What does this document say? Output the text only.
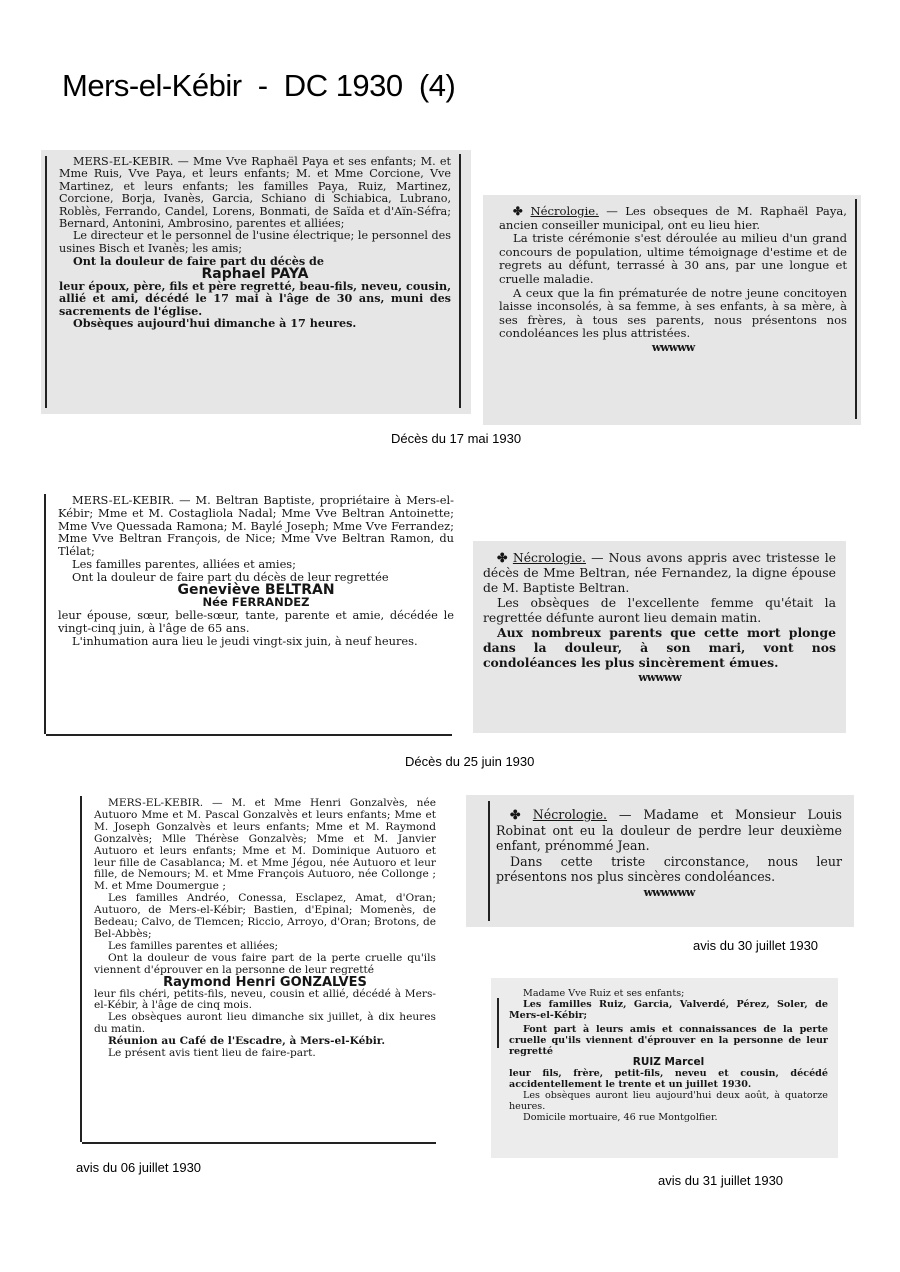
Mers-el-Kébir  -  DC 1930  (4)

MERS-EL-KEBIR. — Mme Vve Raphaël Paya et ses enfants; M. et Mme Ruis, Vve Paya, et leurs enfants; M. et Mme Corcione, Vve Martinez, et leurs enfants; les familles Paya, Ruiz, Martinez, Corcione, Borja, Ivanès, Garcia, Schiano di Schiabica, Lubrano, Roblès, Ferrando, Candel, Lorens, Bonmati, de Saïda et d'Aïn-Séfra; Bernard, Antonini, Ambrosino, parentes et alliées;

Le directeur et le personnel de l'usine électrique; le personnel des usines Bisch et Ivanès; les amis;

Ont la douleur de faire part du décès de

Raphael PAYA

leur époux, père, fils et père regretté, beau-fils, neveu, cousin, allié et ami, décédé le 17 mai à l'âge de 30 ans, muni des sacrements de l'église.

Obsèques aujourd'hui dimanche à 17 heures.

✤ Nécrologie. — Les obseques de M. Raphaël Paya, ancien conseiller municipal, ont eu lieu hier.

La triste cérémonie s'est déroulée au milieu d'un grand concours de population, ultime témoignage d'estime et de regrets au défunt, terrassé à 30 ans, par une longue et cruelle maladie.

A ceux que la fin prématurée de notre jeune concitoyen laisse inconsolés, à sa femme, à ses enfants, à sa mère, à ses frères, à tous ses parents, nous présentons nos condoléances les plus attristées.

wwwww

Décès du 17 mai 1930

MERS-EL-KEBIR. — M. Beltran Baptiste, propriétaire à Mers-el-Kébir; Mme et M. Costagliola Nadal; Mme Vve Beltran Antoinette; Mme Vve Quessada Ramona; M. Baylé Joseph; Mme Vve Ferrandez; Mme Vve Beltran François, de Nice; Mme Vve Beltran Ramon, du Tlélat;

Les familles parentes, alliées et amies;

Ont la douleur de faire part du décès de leur regrettée

Geneviève BELTRAN

Née FERRANDEZ

leur épouse, sœur, belle-sœur, tante, parente et amie, décédée le vingt-cinq juin, à l'âge de 65 ans.

L'inhumation aura lieu le jeudi vingt-six juin, à neuf heures.

✤ Nécrologie. — Nous avons appris avec tristesse le décès de Mme Beltran, née Fernandez, la digne épouse de M. Baptiste Beltran.

Les obsèques de l'excellente femme qu'était la regrettée défunte auront lieu demain matin.

Aux nombreux parents que cette mort plonge dans la douleur, à son mari, vont nos condoléances les plus sincèrement émues.

wwwww

Décès du 25 juin 1930

MERS-EL-KEBIR. — M. et Mme Henri Gonzalvès, née Autuoro Mme et M. Pascal Gonzalvès et leurs enfants; Mme et M. Joseph Gonzalvès et leurs enfants; Mme et M. Raymond Gonzalvès; Mlle Thérèse Gonzalvès; Mme et M. Janvier Autuoro et leurs enfants; Mme et M. Dominique Autuoro et leur fille de Casablanca; M. et Mme Jégou, née Autuoro et leur fille, de Nemours; M. et Mme François Autuoro, née Collonge ; M. et Mme Doumergue ;

Les familles Andréo, Conessa, Esclapez, Amat, d'Oran; Autuoro, de Mers-el-Kébir; Bastien, d'Epinal; Momenès, de Bedeau; Calvo, de Tlemcen; Riccio, Arroyo, d'Oran; Brotons, de Bel-Abbès;

Les familles parentes et alliées;

Ont la douleur de vous faire part de la perte cruelle qu'ils viennent d'éprouver en la personne de leur regretté

Raymond Henri GONZALVES

leur fils chéri, petits-fils, neveu, cousin et allié, décédé à Mers-el-Kébir, à l'âge de cinq mois.

Les obsèques auront lieu dimanche six juillet, à dix heures du matin.

Réunion au Café de l'Escadre, à Mers-el-Kébir.

Le présent avis tient lieu de faire-part.

✤ Nécrologie. — Madame et Monsieur Louis Robinat ont eu la douleur de perdre leur deuxième enfant, prénommé Jean.

Dans cette triste circonstance, nous leur présentons nos plus sincères condoléances.

wwwwww

avis du 30 juillet 1930

Madame Vve Ruiz et ses enfants;

Les familles Ruiz, Garcia, Valverdé, Pérez, Soler, de Mers-el-Kébir;

Font part à leurs amis et connaissances de la perte cruelle qu'ils viennent d'éprouver en la personne de leur regretté

RUIZ Marcel

leur fils, frère, petit-fils, neveu et cousin, décédé accidentellement le trente et un juillet 1930.

Les obsèques auront lieu aujourd'hui deux août, à quatorze heures.

Domicile mortuaire, 46 rue Montgolfier.

avis du 06 juillet 1930
avis du 31 juillet 1930
